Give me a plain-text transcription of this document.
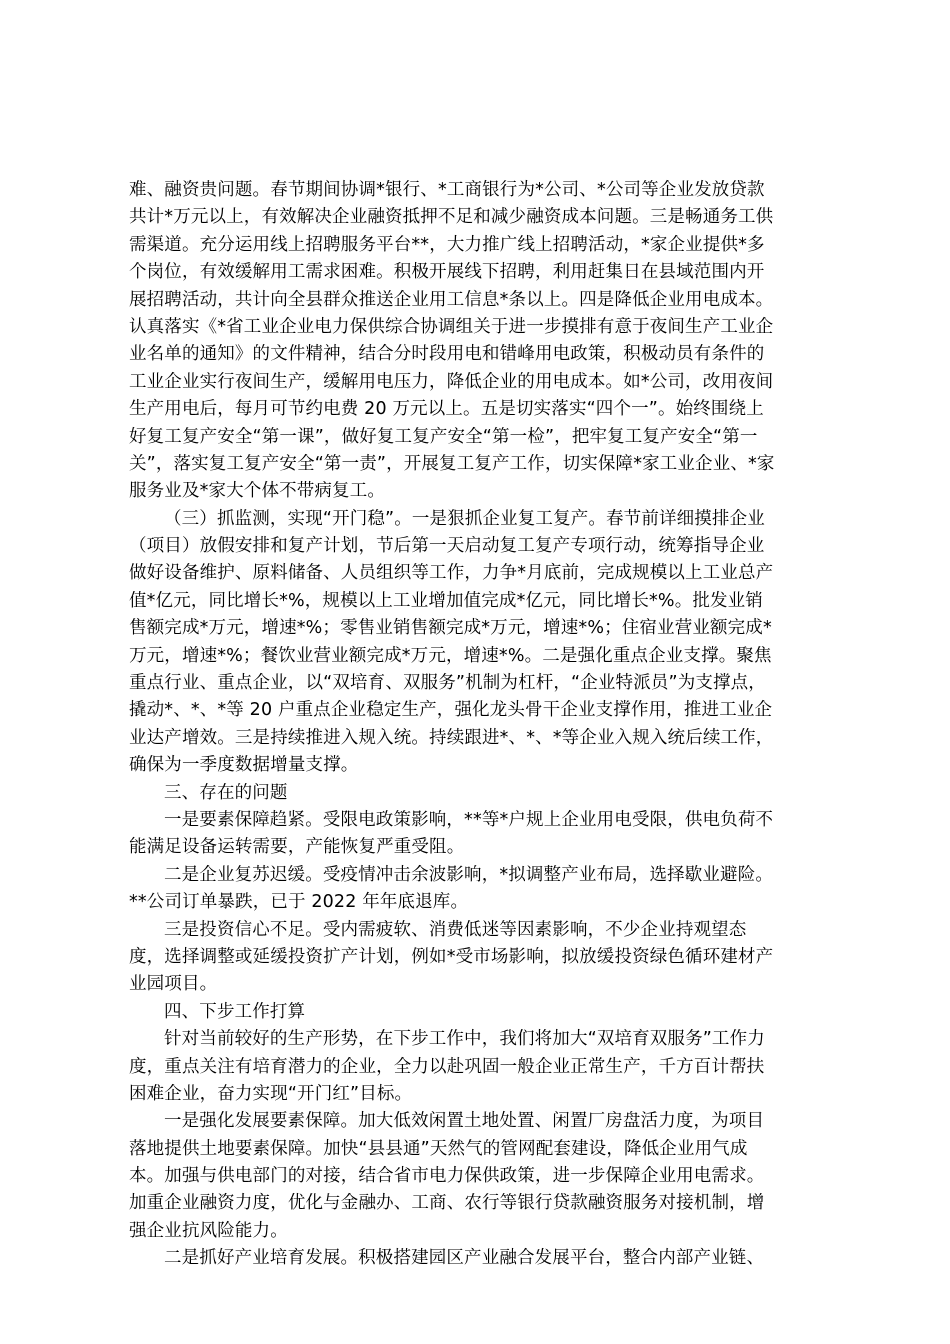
难、融资贵问题。春节期间协调*银行、*工商银行为*公司、*公司等企业发放贷款
共计*万元以上，有效解决企业融资抵押不足和减少融资成本问题。三是畅通务工供
需渠道。充分运用线上招聘服务平台**，大力推广线上招聘活动，*家企业提供*多
个岗位，有效缓解用工需求困难。积极开展线下招聘，利用赶集日在县域范围内开
展招聘活动，共计向全县群众推送企业用工信息*条以上。四是降低企业用电成本。
认真落实《*省工业企业电力保供综合协调组关于进一步摸排有意于夜间生产工业企
业名单的通知》的文件精神，结合分时段用电和错峰用电政策，积极动员有条件的
工业企业实行夜间生产，缓解用电压力，降低企业的用电成本。如*公司，改用夜间
生产用电后，每月可节约电费 20 万元以上。五是切实落实“四个一”。始终围绕上
好复工复产安全“第一课”，做好复工复产安全“第一检”，把牢复工复产安全“第一
关”，落实复工复产安全“第一责”，开展复工复产工作，切实保障*家工业企业、*家
服务业及*家大个体不带病复工。
（三）抓监测，实现“开门稳”。一是狠抓企业复工复产。春节前详细摸排企业
（项目）放假安排和复产计划，节后第一天启动复工复产专项行动，统筹指导企业
做好设备维护、原料储备、人员组织等工作，力争*月底前，完成规模以上工业总产
值*亿元，同比增长*%，规模以上工业增加值完成*亿元，同比增长*%。批发业销
售额完成*万元，增速*%；零售业销售额完成*万元，增速*%；住宿业营业额完成*
万元，增速*%；餐饮业营业额完成*万元，增速*%。二是强化重点企业支撑。聚焦
重点行业、重点企业，以“双培育、双服务”机制为杠杆，“企业特派员”为支撑点，
撬动*、*、*等 20 户重点企业稳定生产，强化龙头骨干企业支撑作用，推进工业企
业达产增效。三是持续推进入规入统。持续跟进*、*、*等企业入规入统后续工作，
确保为一季度数据增量支撑。
三、存在的问题
一是要素保障趋紧。受限电政策影响，**等*户规上企业用电受限，供电负荷不
能满足设备运转需要，产能恢复严重受阻。
二是企业复苏迟缓。受疫情冲击余波影响，*拟调整产业布局，选择歇业避险。
**公司订单暴跌，已于 2022 年年底退库。
三是投资信心不足。受内需疲软、消费低迷等因素影响，不少企业持观望态
度，选择调整或延缓投资扩产计划，例如*受市场影响，拟放缓投资绿色循环建材产
业园项目。
四、下步工作打算
针对当前较好的生产形势，在下步工作中，我们将加大“双培育双服务”工作力
度，重点关注有培育潜力的企业，全力以赴巩固一般企业正常生产，千方百计帮扶
困难企业，奋力实现“开门红”目标。
一是强化发展要素保障。加大低效闲置土地处置、闲置厂房盘活力度，为项目
落地提供土地要素保障。加快“县县通”天然气的管网配套建设，降低企业用气成
本。加强与供电部门的对接，结合省市电力保供政策，进一步保障企业用电需求。
加重企业融资力度，优化与金融办、工商、农行等银行贷款融资服务对接机制，增
强企业抗风险能力。
二是抓好产业培育发展。积极搭建园区产业融合发展平台，整合内部产业链、
